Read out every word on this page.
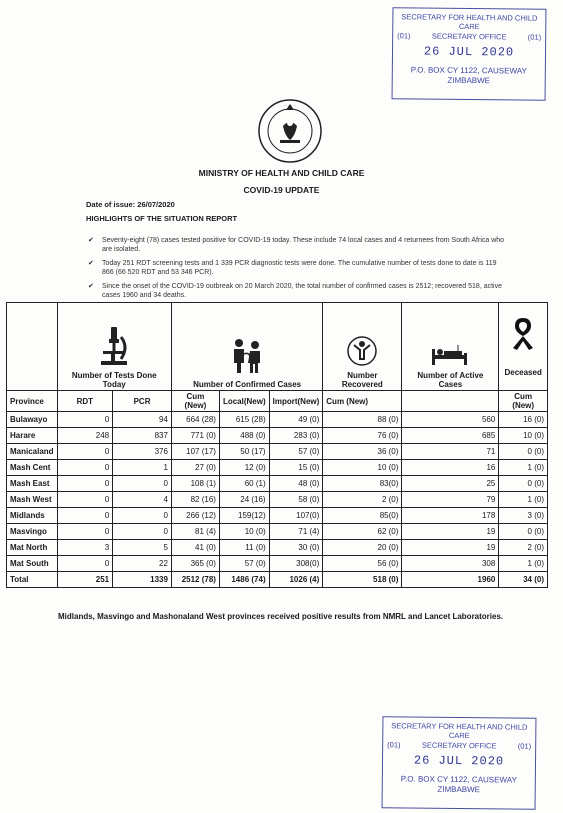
SECRETARY FOR HEALTH AND CHILD
CARE
(01)	SECRETARY OFFICE	(01)
26 JUL 2020
P.O. BOX CY 1122, CAUSEWAY
ZIMBABWE
· · · · · ·
MINISTRY OF HEALTH AND CHILD CARE
COVID-19 UPDATE
Date of issue: 26/07/2020
HIGHLIGHTS OF THE SITUATION REPORT
✔ Seventy-eight (78) cases tested positive for COVID-19 today. These include 74 local cases and 4 returnees from South Africa who are isolated.
✔ Today 251 RDT screening tests and 1 339 PCR diagnostic tests were done. The cumulative number of tests done to date is 119 866 (66 520 RDT and 53 346 PCR).
✔ Since the onset of the COVID-19 outbreak on 20 March 2020, the total number of confirmed cases is 2512; recovered 518, active cases 1960 and 34 deaths.

Number of Tests Done Today		Number of Confirmed Cases			Number Recovered	Number of Active Cases	Deceased
Province	RDT	PCR	Cum (New)	Local(New)	Import(New)	Cum (New)		Cum (New)
Bulawayo	0	94	664 (28)	615 (28)	49 (0)	88 (0)	560	16 (0)
Harare	248	837	771 (0)	488 (0)	283 (0)	76 (0)	685	10 (0)
Manicaland	0	376	107 (17)	50 (17)	57 (0)	36 (0)	71	0 (0)
Mash Cent	0	1	27 (0)	12 (0)	15 (0)	10 (0)	16	1 (0)
Mash East	0	0	108 (1)	60 (1)	48 (0)	83(0)	25	0 (0)
Mash West	0	4	82 (16)	24 (16)	58 (0)	2 (0)	79	1 (0)
Midlands	0	0	266 (12)	159(12)	107(0)	85(0)	178	3 (0)
Masvingo	0	0	81 (4)	10 (0)	71 (4)	62 (0)	19	0 (0)
Mat North	3	5	41 (0)	11 (0)	30 (0)	20 (0)	19	2 (0)
Mat South	0	22	365 (0)	57 (0)	308(0)	56 (0)	308	1 (0)
Total	251	1339	2512 (78)	1486 (74)	1026 (4)	518 (0)	1960	34 (0)
Midlands, Masvingo and Mashonaland West provinces received positive results from NMRL and Lancet Laboratories.
SECRETARY FOR HEALTH AND CHILD
CARE
(01)	SECRETARY OFFICE	(01)
26 JUL 2020
P.O. BOX CY 1122, CAUSEWAY
ZIMBABWE
